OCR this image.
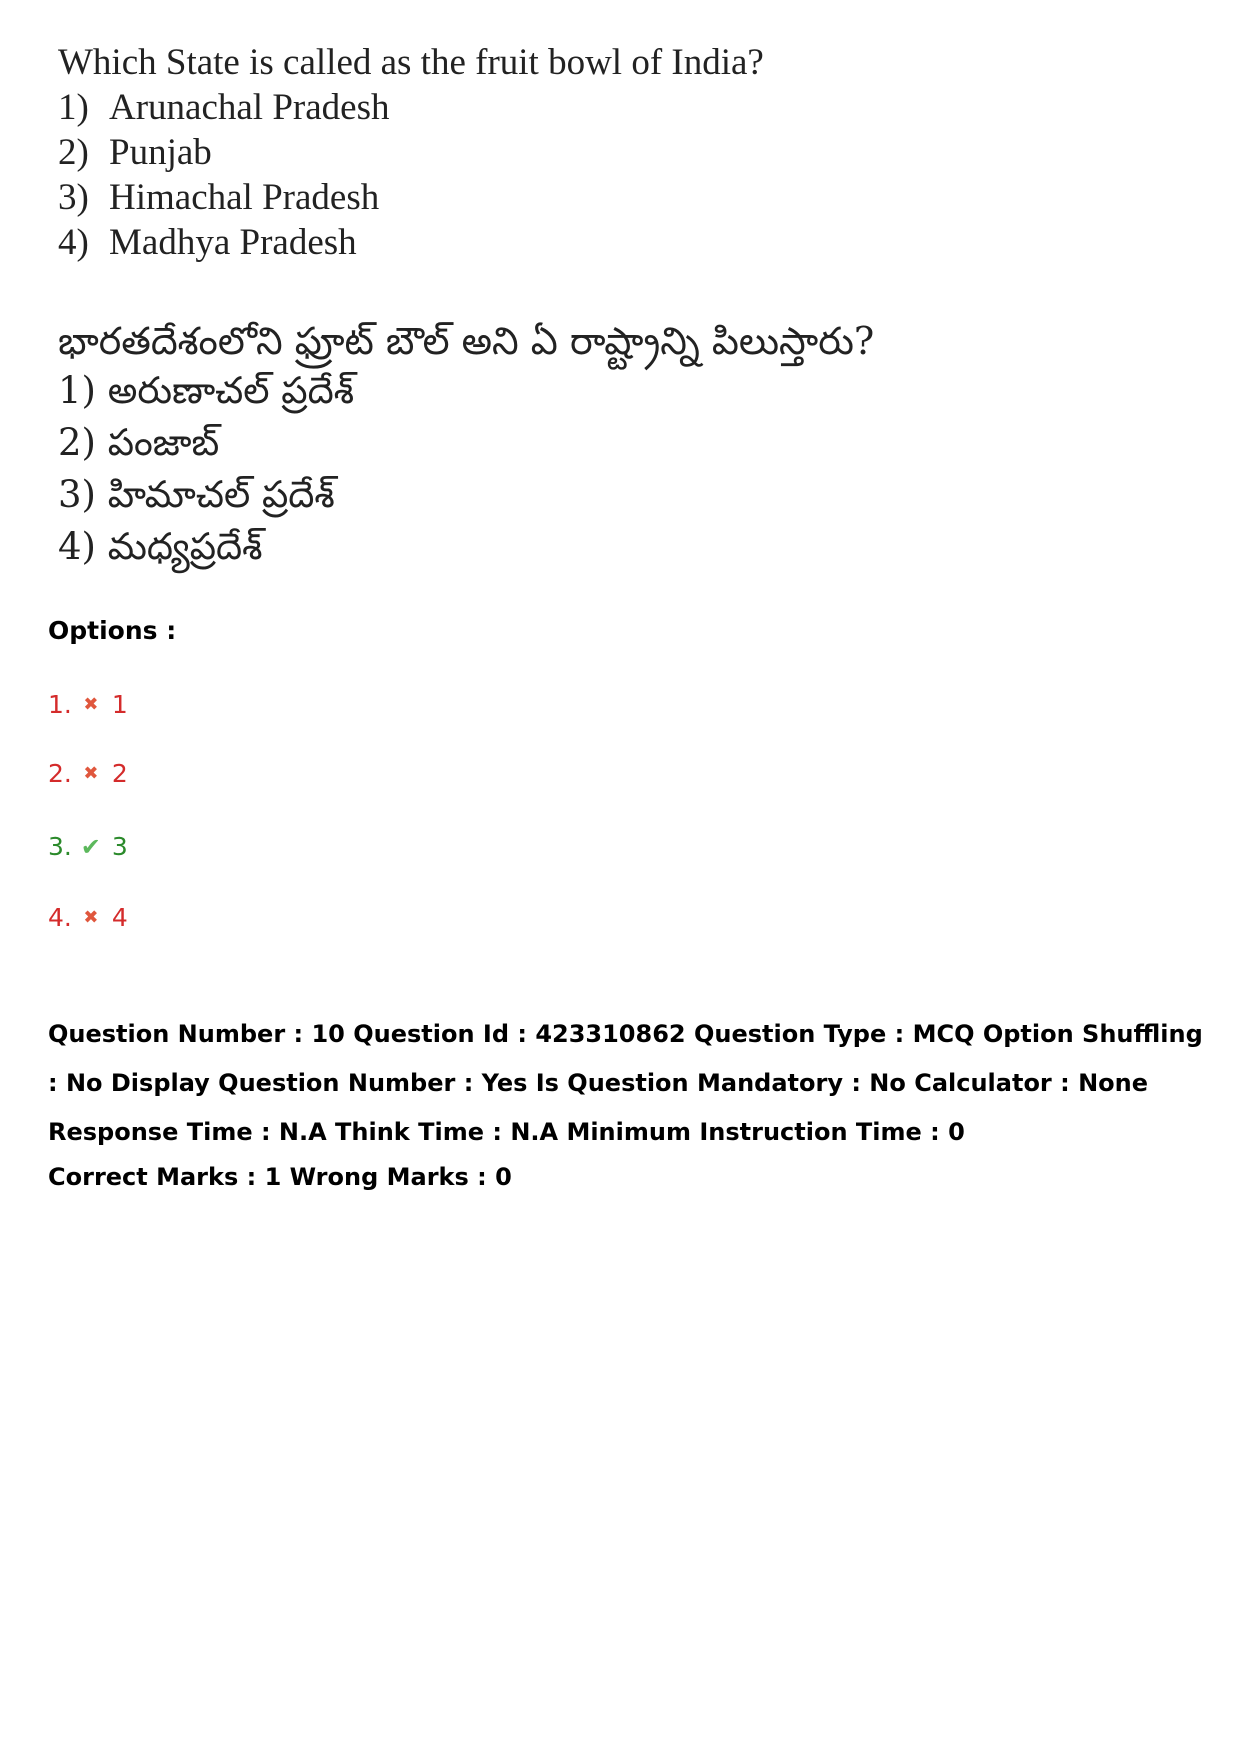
Which State is called as the fruit bowl of India?
1) Arunachal Pradesh
2) Punjab
3) Himachal Pradesh
4) Madhya Pradesh
భారతదేశంలోని ఫ్రూట్ బౌల్ అని ఏ రాష్ట్రాన్ని పిలుస్తారు?
1) అరుణాచల్ ప్రదేశ్
2) పంజాబ్
3) హిమాచల్ ప్రదేశ్
4) మధ్యప్రదేశ్
Options :
1. ✖ 1
2. ✖ 2
3. ✔ 3
4. ✖ 4
Question Number : 10 Question Id : 423310862 Question Type : MCQ Option Shuffling : No Display Question Number : Yes Is Question Mandatory : No Calculator : None Response Time : N.A Think Time : N.A Minimum Instruction Time : 0
Correct Marks : 1 Wrong Marks : 0
